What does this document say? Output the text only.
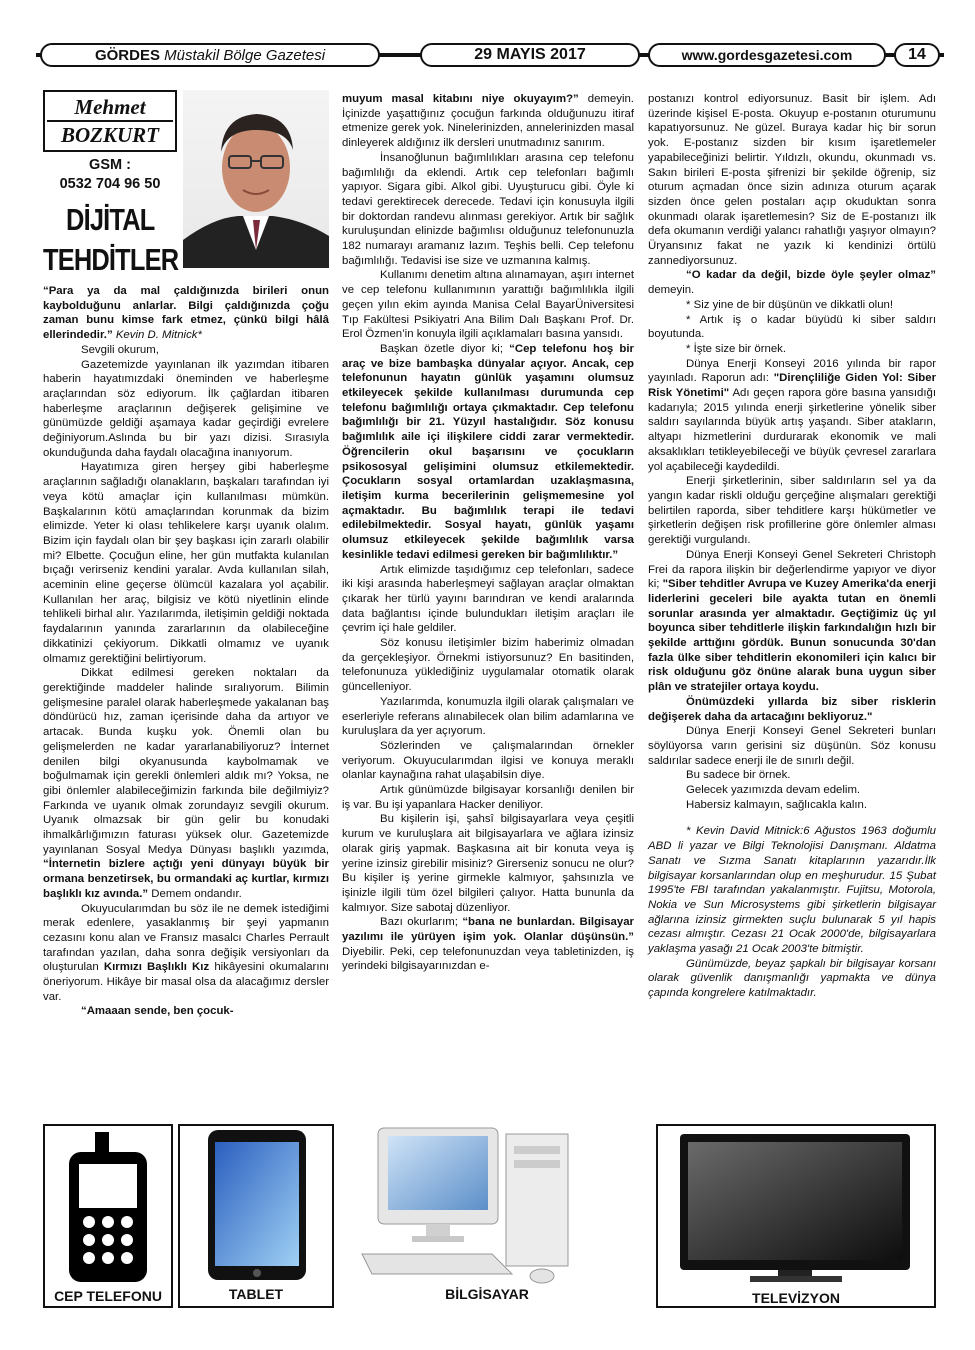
GÖRDES
Müstakil Bölge Gazetesi	29 MAYIS 2017	www.gordesgazetesi.com	14
Mehmet
BOZKURT
GSM :
0532 704 96 50
DİJİTAL
TEHDİTLER

“Para ya da mal çaldığınızda birileri onun kaybolduğunu anlarlar. Bilgi çaldığınızda çoğu zaman bunu kimse fark etmez, çünkü bilgi hâlâ ellerindedir.” Kevin D. Mitnick*

Sevgili okurum,

Gazetemizde yayınlanan ilk yazımdan itibaren haberin hayatımızdaki öneminden ve haberleşme araçlarından söz ediyorum. İlk çağlardan itibaren haberleşme araçlarının değişerek gelişimine ve günümüzde geldiği aşamaya kadar geçirdiği evrelere değiniyorum.Aslında bu bir yazı dizisi. Sırasıyla okunduğunda daha faydalı olacağına inanıyorum.

Hayatımıza giren herşey gibi haberleşme araçlarının sağladığı olanakların, başkaları tarafından iyi veya kötü amaçlar için kullanılması mümkün. Başkalarının kötü amaçlarından korunmak da bizim elimizde. Yeter ki olası tehlikelere karşı uyanık olalım. Bizim için faydalı olan bir şey başkası için zararlı olabilir mi? Elbette. Çocuğun eline, her gün mutfakta kulanılan bıçağı verirseniz kendini yaralar. Avda kullanılan silah, aceminin eline geçerse ölümcül kazalara yol açabilir. Kullanılan her araç, bilgisiz ve kötü niyetlinin elinde tehlikeli birhal alır. Yazılarımda, iletişimin geldiği noktada faydalarının yanında zararlarının da olabileceğine dikkatinizi çekiyorum. Dikkatli olmamız ve uyanık olmamız gerektiğini belirtiyorum.

Dikkat edilmesi gereken noktaları da gerektiğinde maddeler halinde sıralıyorum. Bilimin gelişmesine paralel olarak haberleşmede yakalanan baş döndürücü hız, zaman içerisinde daha da artıyor ve artacak. Bunda kuşku yok. Önemli olan bu gelişmelerden ne kadar yararlanabiliyoruz? İnternet denilen bilgi okyanusunda kaybolmamak ve boğulmamak için gerekli önlemleri aldık mı? Yoksa, ne gibi önlemler alabileceğimizin farkında bile değilmiyiz? Farkında ve uyanık olmak zorundayız sevgili okurum. Uyanık olmazsak bir gün gelir bu konudaki ihmalkârlığımızın faturası yüksek olur. Gazetemizde yayınlanan Sosyal Medya Dünyası başlıklı yazımda, “İnternetin bizlere açtığı yeni dünyayı büyük bir ormana benzetirsek, bu ormandaki aç kurtlar, kırmızı başlıklı kız avında.” Demem ondandır.

Okuyucularımdan bu söz ile ne demek istediğimi merak edenlere, yasaklanmış bir şeyi yapmanın cezasını konu alan ve Fransız masalcı Charles Perrault tarafından yazılan, daha sonra değişik versiyonları da oluşturulan Kırmızı Başlıklı Kız hikâyesini okumalarını öneriyorum. Hikâye bir masal olsa da alacağımız dersler var.

“Amaaan sende, ben çocuk-

muyum masal kitabını niye okuyayım?” demeyin. İçinizde yaşattığınız çocuğun farkında olduğunuzu itiraf etmenize gerek yok. Ninelerinizden, annelerinizden masal dinleyerek aldığınız ilk dersleri unutmadınız sanırım.

İnsanoğlunun bağımlılıkları arasına cep telefonu bağımlılığı da eklendi. Artık cep telefonları bağımlı yapıyor. Sigara gibi. Alkol gibi. Uyuşturucu gibi. Öyle ki tedavi gerektirecek derecede. Tedavi için konusuyla ilgili bir doktordan randevu alınması gerekiyor. Artık bir sağlık kuruluşundan elinizde bağımlısı olduğunuz telefonunuzla 182 numarayı aramanız lazım. Teşhis belli. Cep telefonu bağımlılığı. Tedavisi ise size ve uzmanına kalmış.

Kullanımı denetim altına alınamayan, aşırı internet ve cep telefonu kullanımının yarattığı bağımlılıkla ilgili geçen yılın ekim ayında Manisa Celal BayarÜniversitesi Tıp Fakültesi Psikiyatri Ana Bilim Dalı Başkanı Prof. Dr. Erol Özmen’in konuyla ilgili açıklamaları basına yansıdı.

Başkan özetle diyor ki; “Cep telefonu hoş bir araç ve bize bambaşka dünyalar açıyor. Ancak, cep telefonunun hayatın günlük yaşamını olumsuz etkileyecek şekilde kullanılması durumunda cep telefonu bağımlılığı ortaya çıkmaktadır. Cep telefonu bağımlılığı bir 21. Yüzyıl hastalığıdır. Söz konusu bağımlılık aile içi ilişkilere ciddi zarar vermektedir. Öğrencilerin okul başarısını ve çocukların psikososyal gelişimini olumsuz etkilemektedir. Çocukların sosyal ortamlardan uzaklaşmasına, iletişim kurma becerilerinin gelişmemesine yol açmaktadır. Bu bağımlılık terapi ile tedavi edilebilmektedir. Sosyal hayatı, günlük yaşamı olumsuz etkileyecek şekilde bağımlılık varsa kesinlikle tedavi edilmesi gereken bir bağımlılıktır.”

Artık elimizde taşıdığımız cep telefonları, sadece iki kişi arasında haberleşmeyi sağlayan araçlar olmaktan çıkarak her türlü yayını barındıran ve kendi aralarında data bağlantısı içinde bulundukları iletişim araçları ile çevrim içi hale geldiler.

Söz konusu iletişimler bizim haberimiz olmadan da gerçekleşiyor. Örnekmi istiyorsunuz? En basitinden, telefonunuza yüklediğiniz uygulamalar otomatik olarak güncelleniyor.

Yazılarımda, konumuzla ilgili olarak çalışmaları ve eserleriyle referans alınabilecek olan bilim adamlarına ve kuruluşlara da yer açıyorum.

Sözlerinden ve çalışmalarından örnekler veriyorum. Okuyucularımdan ilgisi ve konuya meraklı olanlar kaynağına rahat ulaşabilsin diye.

Artık günümüzde bilgisayar korsanlığı denilen bir iş var. Bu işi yapanlara Hacker deniliyor.

Bu kişilerin işi, şahsî bilgisayarlara veya çeşitli kurum ve kuruluşlara ait bilgisayarlara ve ağlara izinsiz olarak giriş yapmak. Başkasına ait bir konuta veya iş yerine izinsiz girebilir misiniz? Girerseniz sonucu ne olur? Bu kişiler iş yerine girmekle kalmıyor, şahsınızla ve işinizle ilgili tüm özel bilgileri çalıyor. Hatta bununla da kalmıyor. Size sabotaj düzenliyor.

Bazı okurlarım; “bana ne bunlardan. Bilgisayar yazılımı ile yürüyen işim yok. Olanlar düşünsün.” Diyebilir. Peki, cep telefonunuzdan veya tabletinizden, iş yerindeki bilgisayarınızdan e-

postanızı kontrol ediyorsunuz. Basit bir işlem. Adı üzerinde kişisel E-posta. Okuyup e-postanın oturumunu kapatıyorsunuz. Ne güzel. Buraya kadar hiç bir sorun yok. E-postanız sizden bir kısım işaretlemeler yapabileceğinizi belirtir. Yıldızlı, okundu, okunmadı vs. Sakın birileri E-posta şifrenizi bir şekilde öğrenip, siz oturum açmadan önce sizin adınıza oturum açarak sizden önce gelen postaları açıp okuduktan sonra okunmadı olarak işaretlemesin? Siz de E-postanızı ilk defa okumanın verdiği yalancı rahatlığı yaşıyor olmayın? Üryansınız fakat ne yazık ki kendinizi örtülü zannediyorsunuz.

“O kadar da değil, bizde öyle şeyler olmaz” demeyin.

* Siz yine de bir düşünün ve dikkatli olun!

* Artık iş o kadar büyüdü ki siber saldırı boyutunda.

* İşte size bir örnek.

Dünya Enerji Konseyi 2016 yılında bir rapor yayınladı. Raporun adı: "Dirençliliğe Giden Yol: Siber Risk Yönetimi" Adı geçen rapora göre basına yansıdığı kadarıyla; 2015 yılında enerji şirketlerine yönelik siber saldırı sayılarında büyük artış yaşandı. Siber atakların, altyapı hizmetlerini durdurarak ekonomik ve mali aksaklıkları tetikleyebileceği ve büyük çevresel zararlara yol açabileceği kaydedildi.

Enerji şirketlerinin, siber saldırıların sel ya da yangın kadar riskli olduğu gerçeğine alışmaları gerektiği belirtilen raporda, siber tehditlere karşı hükümetler ve şirketlerin değişen risk profillerine göre önlemler alması gerektiği vurgulandı.

Dünya Enerji Konseyi Genel Sekreteri Christoph Frei da rapora ilişkin bir değerlendirme yapıyor ve diyor ki; "Siber tehditler Avrupa ve Kuzey Amerika'da enerji liderlerini geceleri bile ayakta tutan en önemli sorunlar arasında yer almaktadır. Geçtiğimiz üç yıl boyunca siber tehditlerle ilişkin farkındalığın hızlı bir şekilde arttığını gördük. Bunun sonucunda 30'dan fazla ülke siber tehditlerin ekonomileri için kalıcı bir risk olduğunu göz önüne alarak buna uygun siber plân ve stratejiler ortaya koydu.

Önümüzdeki yıllarda biz siber risklerin değişerek daha da artacağını bekliyoruz."

Dünya Enerji Konseyi Genel Sekreteri bunları söylüyorsa varın gerisini siz düşünün. Söz konusu saldırılar sadece enerji ile de sınırlı değil.

Bu sadece bir örnek.

Gelecek yazımızda devam edelim.

Habersiz kalmayın, sağlıcakla kalın.

* Kevin David Mitnick:6 Ağustos 1963 doğumlu ABD li yazar ve Bilgi Teknolojisi Danışmanı. Aldatma Sanatı ve Sızma Sanatı kitaplarının yazarıdır.İlk bilgisayar korsanlarından olup en meşhurudur. 15 Şubat 1995'te FBI tarafından yakalanmıştır. Fujitsu, Motorola, Nokia ve Sun Microsystems gibi şirketlerin bilgisayar ağlarına izinsiz girmekten suçlu bulunarak 5 yıl hapis cezası almıştır. Cezası 21 Ocak 2000'de, bilgisayarlara yaklaşma yasağı 21 Ocak 2003'te bitmiştir.

Günümüzde, beyaz şapkalı bir bilgisayar korsanı olarak güvenlik danışmanlığı yapmakta ve dünya çapında kongrelere katılmaktadır.

CEP TELEFONU	TABLET	BİLGİSAYAR	TELEVİZYON
